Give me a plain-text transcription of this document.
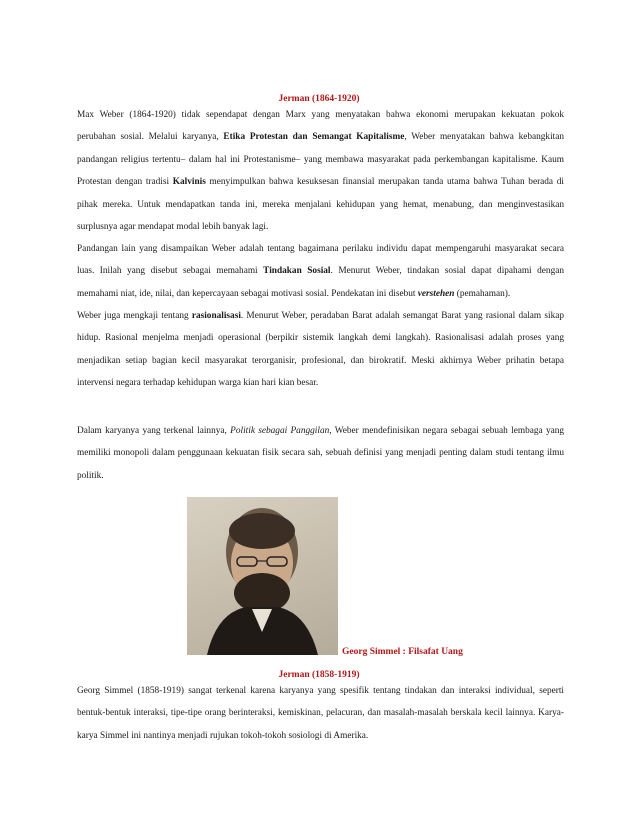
Jerman (1864-1920)
Max Weber (1864-1920) tidak sependapat dengan Marx yang menyatakan bahwa ekonomi merupakan kekuatan pokok
perubahan sosial. Melalui karyanya, Etika Protestan dan Semangat Kapitalisme, Weber menyatakan bahwa kebangkitan
pandangan religius tertentu– dalam hal ini Protestanisme– yang membawa masyarakat pada perkembangan kapitalisme. Kaum
Protestan dengan tradisi Kalvinis menyimpulkan bahwa kesuksesan finansial merupakan tanda utama bahwa Tuhan berada di
pihak mereka. Untuk mendapatkan tanda ini, mereka menjalani kehidupan yang hemat, menabung, dan menginvestasikan
surplusnya agar mendapat modal lebih banyak lagi.
Pandangan lain yang disampaikan Weber adalah tentang bagaimana perilaku individu dapat mempengaruhi masyarakat secara
luas. Inilah yang disebut sebagai memahami Tindakan Sosial. Menurut Weber, tindakan sosial dapat dipahami dengan
memahami niat, ide, nilai, dan kepercayaan sebagai motivasi sosial. Pendekatan ini disebut verstehen (pemahaman).
Weber juga mengkaji tentang rasionalisasi. Menurut Weber, peradaban Barat adalah semangat Barat yang rasional dalam sikap
hidup. Rasional menjelma menjadi operasional (berpikir sistemik langkah demi langkah). Rasionalisasi adalah proses yang
menjadikan setiap bagian kecil masyarakat terorganisir, profesional, dan birokratif. Meski akhirnya Weber prihatin betapa
intervensi negara terhadap kehidupan warga kian hari kian besar.
Dalam karyanya yang terkenal lainnya, Politik sebagai Panggilan, Weber mendefinisikan negara sebagai sebuah lembaga yang
memiliki monopoli dalam penggunaan kekuatan fisik secara sah, sebuah definisi yang menjadi penting dalam studi tentang ilmu
politik.
Georg Simmel : Filsafat Uang
Jerman (1858-1919)
Georg Simmel (1858-1919) sangat terkenal karena karyanya yang spesifik tentang tindakan dan interaksi individual, seperti
bentuk-bentuk interaksi, tipe-tipe orang berinteraksi, kemiskinan, pelacuran, dan masalah-masalah berskala kecil lainnya. Karya-
karya Simmel ini nantinya menjadi rujukan tokoh-tokoh sosiologi di Amerika.
